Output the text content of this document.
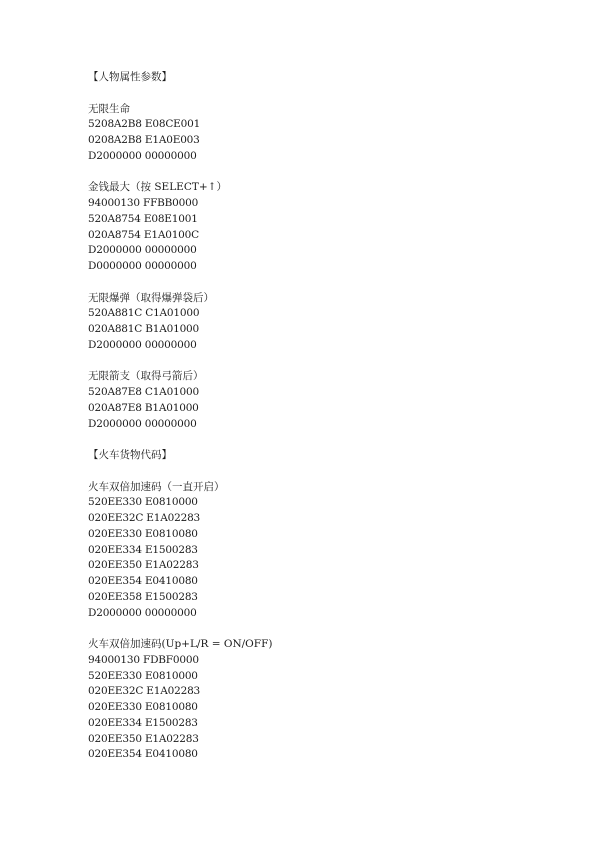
【人物属性参数】
无限生命
5208A2B8 E08CE001
0208A2B8 E1A0E003
D2000000 00000000
金钱最大（按 SELECT+↑）
94000130 FFBB0000
520A8754 E08E1001
020A8754 E1A0100C
D2000000 00000000
D0000000 00000000
无限爆弹（取得爆弹袋后）
520A881C C1A01000
020A881C B1A01000
D2000000 00000000
无限箭支（取得弓箭后）
520A87E8 C1A01000
020A87E8 B1A01000
D2000000 00000000
【火车货物代码】
火车双倍加速码（一直开启）
520EE330 E0810000
020EE32C E1A02283
020EE330 E0810080
020EE334 E1500283
020EE350 E1A02283
020EE354 E0410080
020EE358 E1500283
D2000000 00000000
火车双倍加速码(Up+L/R = ON/OFF)
94000130 FDBF0000
520EE330 E0810000
020EE32C E1A02283
020EE330 E0810080
020EE334 E1500283
020EE350 E1A02283
020EE354 E0410080
